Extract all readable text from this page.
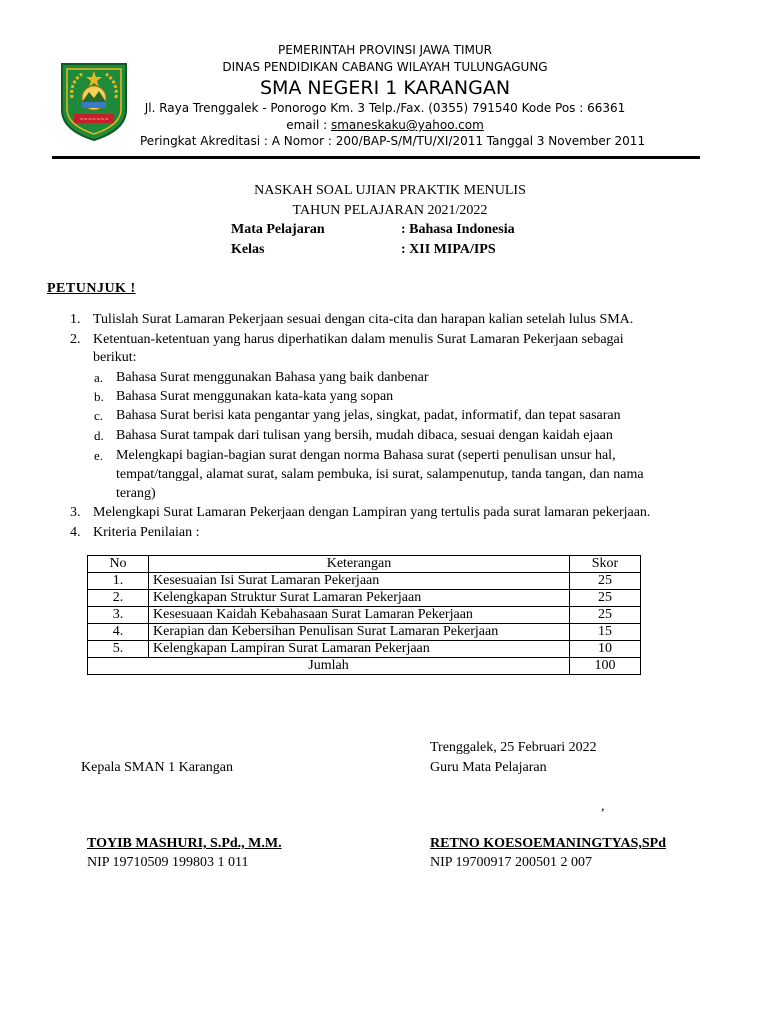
~~~~~~~
PEMERINTAH PROVINSI JAWA TIMUR
DINAS PENDIDIKAN CABANG WILAYAH TULUNGAGUNG
SMA NEGERI 1 KARANGAN
Jl. Raya Trenggalek - Ponorogo Km. 3 Telp./Fax. (0355) 791540 Kode Pos : 66361
email : smaneskaku@yahoo.com
Peringkat Akreditasi : A Nomor : 200/BAP-S/M/TU/XI/2011 Tanggal 3 November 2011
NASKAH SOAL UJIAN PRAKTIK MENULIS
TAHUN PELAJARAN 2021/2022
Mata Pelajaran	: Bahasa Indonesia
Kelas	: XII MIPA/IPS
PETUNJUK !
1. Tulislah Surat Lamaran Pekerjaan sesuai dengan cita-cita dan harapan kalian setelah lulus SMA.
2. Ketentuan-ketentuan yang harus diperhatikan dalam menulis Surat Lamaran Pekerjaan sebagai
berikut:
a. Bahasa Surat menggunakan Bahasa yang baik danbenar
b. Bahasa Surat menggunakan kata-kata yang sopan
c. Bahasa Surat berisi kata pengantar yang jelas, singkat, padat, informatif, dan tepat sasaran
d. Bahasa Surat tampak dari tulisan yang bersih, mudah dibaca, sesuai dengan kaidah ejaan
e. Melengkapi bagian-bagian surat dengan norma Bahasa surat (seperti penulisan unsur hal,
tempat/tanggal, alamat surat, salam pembuka, isi surat, salampenutup, tanda tangan, dan nama
terang)
3. Melengkapi Surat Lamaran Pekerjaan dengan Lampiran yang tertulis pada surat lamaran pekerjaan.
4. Kriteria Penilaian :
No	Keterangan	Skor
1.	Kesesuaian Isi Surat Lamaran Pekerjaan	25
2.	Kelengkapan Struktur Surat Lamaran Pekerjaan	25
3.	Kesesuaan Kaidah Kebahasaan Surat Lamaran Pekerjaan	25
4.	Kerapian dan Kebersihan Penulisan Surat Lamaran Pekerjaan	15
5.	Kelengkapan Lampiran Surat Lamaran Pekerjaan	10
Jumlah		100
Trenggalek, 25 Februari 2022
Kepala SMAN 1 Karangan	Guru Mata Pelajaran
,
TOYIB MASHURI, S.Pd., M.M.
NIP 19710509 199803 1 011
RETNO KOESOEMANINGTYAS,SPd
NIP 19700917 200501 2 007
